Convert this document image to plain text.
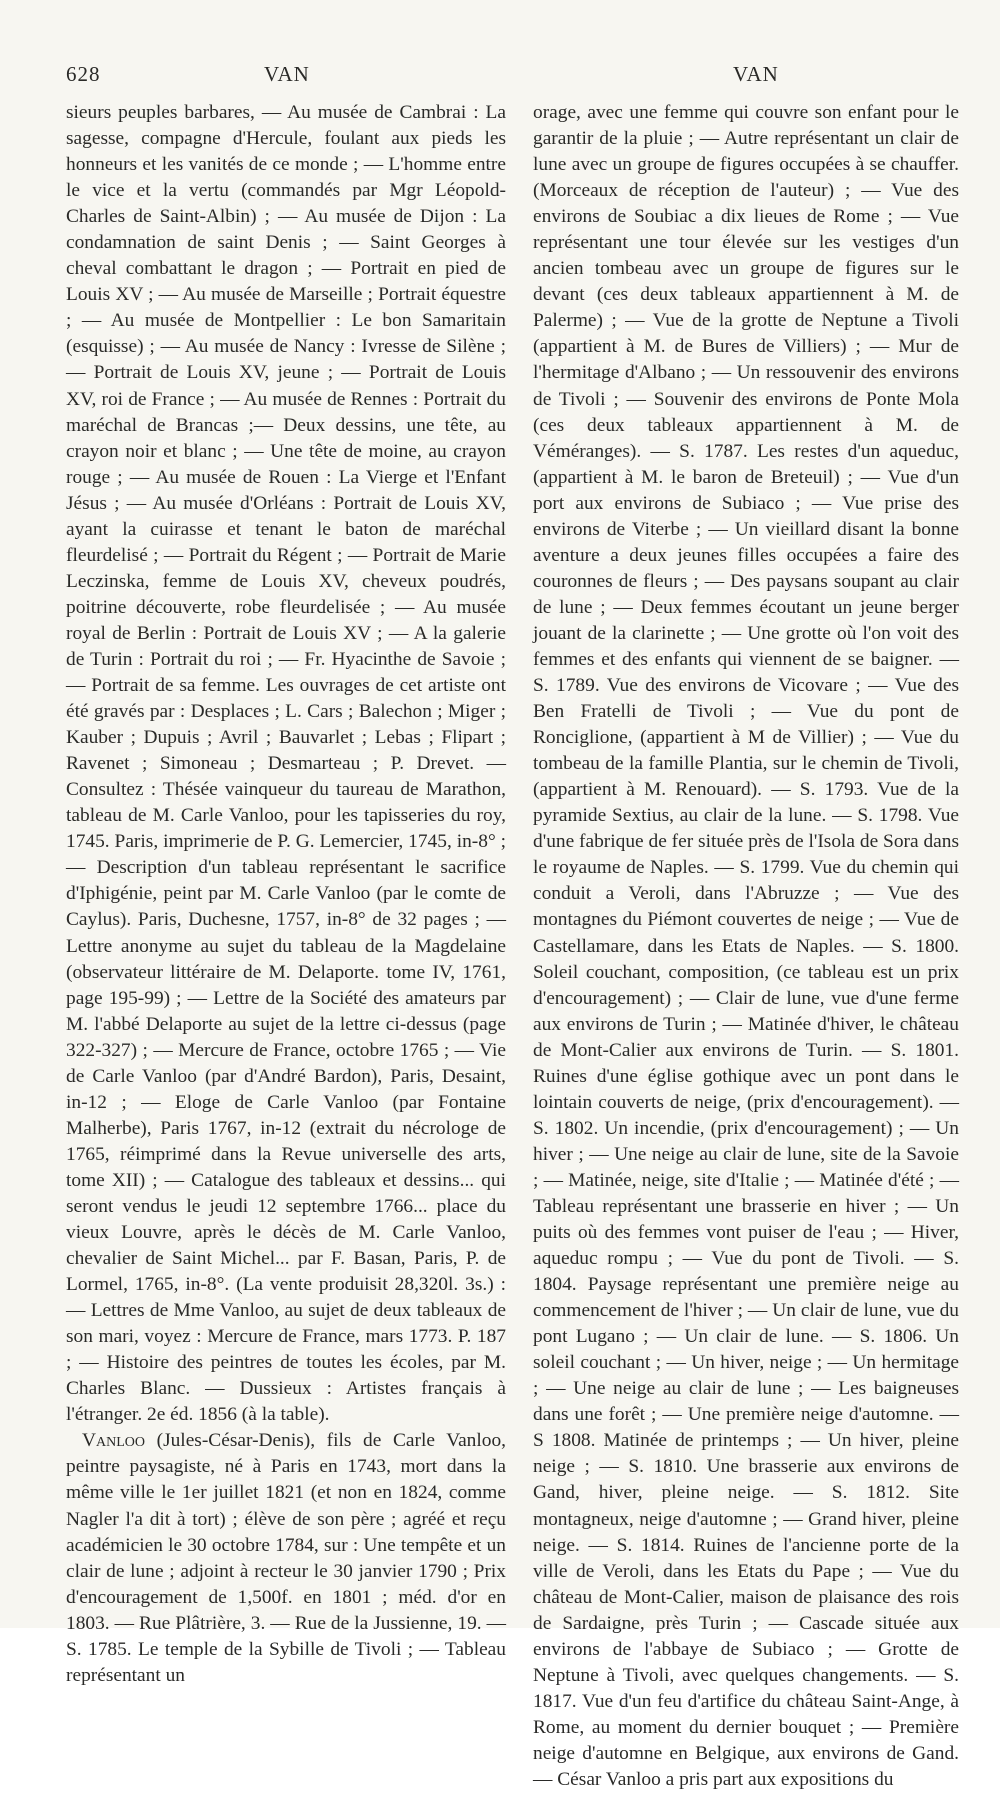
628	VAN	VAN

sieurs peuples barbares, — Au musée de Cambrai : La sagesse, compagne d'Hercule, foulant aux pieds les honneurs et les vanités de ce monde ; — L'homme entre le vice et la vertu (commandés par Mgr Léopold-Charles de Saint-Albin) ; — Au musée de Dijon : La condamnation de saint Denis ; — Saint Georges à cheval combattant le dragon ; — Portrait en pied de Louis XV ; — Au musée de Marseille ; Portrait équestre ; — Au musée de Montpellier : Le bon Samaritain (esquisse) ; — Au musée de Nancy : Ivresse de Silène ; — Portrait de Louis XV, jeune ; — Portrait de Louis XV, roi de France ; — Au musée de Rennes : Portrait du maréchal de Brancas ;— Deux dessins, une tête, au crayon noir et blanc ; — Une tête de moine, au crayon rouge ; — Au musée de Rouen : La Vierge et l'Enfant Jésus ; — Au musée d'Orléans : Portrait de Louis XV, ayant la cuirasse et tenant le baton de maréchal fleurdelisé ; — Portrait du Régent ; — Portrait de Marie Leczinska, femme de Louis XV, cheveux poudrés, poitrine découverte, robe fleurdelisée ; — Au musée royal de Berlin : Portrait de Louis XV ; — A la galerie de Turin : Portrait du roi ; — Fr. Hyacinthe de Savoie ; — Portrait de sa femme. Les ouvrages de cet artiste ont été gravés par : Desplaces ; L. Cars ; Balechon ; Miger ; Kauber ; Dupuis ; Avril ; Bauvarlet ; Lebas ; Flipart ; Ravenet ; Simoneau ; Desmarteau ; P. Drevet. — Consultez : Thésée vainqueur du taureau de Marathon, tableau de M. Carle Vanloo, pour les tapisseries du roy, 1745. Paris, imprimerie de P. G. Lemercier, 1745, in-8° ; — Description d'un tableau représentant le sacrifice d'Iphigénie, peint par M. Carle Vanloo (par le comte de Caylus). Paris, Duchesne, 1757, in-8° de 32 pages ; — Lettre anonyme au sujet du tableau de la Magdelaine (observateur littéraire de M. Delaporte. tome IV, 1761, page 195-99) ; — Lettre de la Société des amateurs par M. l'abbé Delaporte au sujet de la lettre ci-dessus (page 322-327) ; — Mercure de France, octobre 1765 ; — Vie de Carle Vanloo (par d'André Bardon), Paris, Desaint, in-12 ; — Eloge de Carle Vanloo (par Fontaine Malherbe), Paris 1767, in-12 (extrait du nécrologe de 1765, réimprimé dans la Revue universelle des arts, tome XII) ; — Catalogue des tableaux et dessins... qui seront vendus le jeudi 12 septembre 1766... place du vieux Louvre, après le décès de M. Carle Vanloo, chevalier de Saint Michel... par F. Basan, Paris, P. de Lormel, 1765, in-8°. (La vente produisit 28,320l. 3s.) : — Lettres de Mme Vanloo, au sujet de deux tableaux de son mari, voyez : Mercure de France, mars 1773. P. 187 ; — Histoire des peintres de toutes les écoles, par M. Charles Blanc. — Dussieux : Artistes français à l'étranger. 2e éd. 1856 (à la table).

Vanloo (Jules-César-Denis), fils de Carle Vanloo, peintre paysagiste, né à Paris en 1743, mort dans la même ville le 1er juillet 1821 (et non en 1824, comme Nagler l'a dit à tort) ; élève de son père ; agréé et reçu académicien le 30 octobre 1784, sur : Une tempête et un clair de lune ; adjoint à recteur le 30 janvier 1790 ; Prix d'encouragement de 1,500f. en 1801 ; méd. d'or en 1803. — Rue Plâtrière, 3. — Rue de la Jussienne, 19. — S. 1785. Le temple de la Sybille de Tivoli ; — Tableau représentant un

orage, avec une femme qui couvre son enfant pour le garantir de la pluie ; — Autre représentant un clair de lune avec un groupe de figures occupées à se chauffer. (Morceaux de réception de l'auteur) ; — Vue des environs de Soubiac a dix lieues de Rome ; — Vue représentant une tour élevée sur les vestiges d'un ancien tombeau avec un groupe de figures sur le devant (ces deux tableaux appartiennent à M. de Palerme) ; — Vue de la grotte de Neptune a Tivoli (appartient à M. de Bures de Villiers) ; — Mur de l'hermitage d'Albano ; — Un ressouvenir des environs de Tivoli ; — Souvenir des environs de Ponte Mola (ces deux tableaux appartiennent à M. de Véméranges). — S. 1787. Les restes d'un aqueduc, (appartient à M. le baron de Breteuil) ; — Vue d'un port aux environs de Subiaco ; — Vue prise des environs de Viterbe ; — Un vieillard disant la bonne aventure a deux jeunes filles occupées a faire des couronnes de fleurs ; — Des paysans soupant au clair de lune ; — Deux femmes écoutant un jeune berger jouant de la clarinette ; — Une grotte où l'on voit des femmes et des enfants qui viennent de se baigner. — S. 1789. Vue des environs de Vicovare ; — Vue des Ben Fratelli de Tivoli ; — Vue du pont de Ronciglione, (appartient à M de Villier) ; — Vue du tombeau de la famille Plantia, sur le chemin de Tivoli, (appartient à M. Renouard). — S. 1793. Vue de la pyramide Sextius, au clair de la lune. — S. 1798. Vue d'une fabrique de fer située près de l'Isola de Sora dans le royaume de Naples. — S. 1799. Vue du chemin qui conduit a Veroli, dans l'Abruzze ; — Vue des montagnes du Piémont couvertes de neige ; — Vue de Castellamare, dans les Etats de Naples. — S. 1800. Soleil couchant, composition, (ce tableau est un prix d'encouragement) ; — Clair de lune, vue d'une ferme aux environs de Turin ; — Matinée d'hiver, le château de Mont-Calier aux environs de Turin. — S. 1801. Ruines d'une église gothique avec un pont dans le lointain couverts de neige, (prix d'encouragement). — S. 1802. Un incendie, (prix d'encouragement) ; — Un hiver ; — Une neige au clair de lune, site de la Savoie ; — Matinée, neige, site d'Italie ; — Matinée d'été ; — Tableau représentant une brasserie en hiver ; — Un puits où des femmes vont puiser de l'eau ; — Hiver, aqueduc rompu ; — Vue du pont de Tivoli. — S. 1804. Paysage représentant une première neige au commencement de l'hiver ; — Un clair de lune, vue du pont Lugano ; — Un clair de lune. — S. 1806. Un soleil couchant ; — Un hiver, neige ; — Un hermitage ; — Une neige au clair de lune ; — Les baigneuses dans une forêt ; — Une première neige d'automne. — S 1808. Matinée de printemps ; — Un hiver, pleine neige ; — S. 1810. Une brasserie aux environs de Gand, hiver, pleine neige. — S. 1812. Site montagneux, neige d'automne ; — Grand hiver, pleine neige. — S. 1814. Ruines de l'ancienne porte de la ville de Veroli, dans les Etats du Pape ; — Vue du château de Mont-Calier, maison de plaisance des rois de Sardaigne, près Turin ; — Cascade située aux environs de l'abbaye de Subiaco ; — Grotte de Neptune à Tivoli, avec quelques changements. — S. 1817. Vue d'un feu d'artifice du château Saint-Ange, à Rome, au moment du dernier bouquet ; — Première neige d'automne en Belgique, aux environs de Gand. — César Vanloo a pris part aux expositions du
